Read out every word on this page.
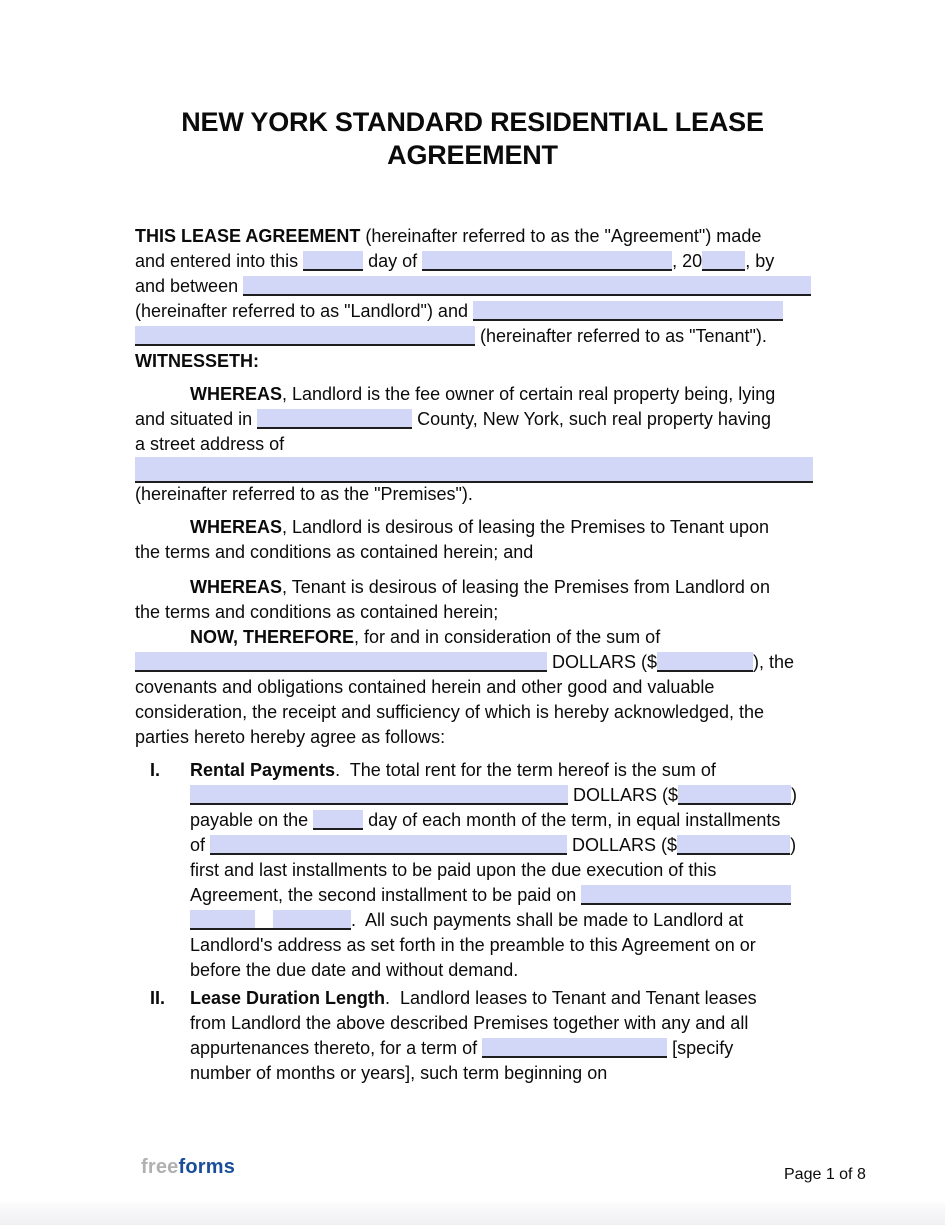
NEW YORK STANDARD RESIDENTIAL LEASE
AGREEMENT
THIS LEASE AGREEMENT (hereinafter referred to as the "Agreement") made
and entered into this	day of	, 20 , by
and between
(hereinafter referred to as "Landlord") and
(hereinafter referred to as "Tenant").
WITNESSETH:
WHEREAS, Landlord is the fee owner of certain real property being, lying
and situated in	County, New York, such real property having
a street address of
(hereinafter referred to as the "Premises").
WHEREAS, Landlord is desirous of leasing the Premises to Tenant upon
the terms and conditions as contained herein; and
WHEREAS, Tenant is desirous of leasing the Premises from Landlord on
the terms and conditions as contained herein;
NOW, THEREFORE, for and in consideration of the sum of
DOLLARS ($	), the
covenants and obligations contained herein and other good and valuable
consideration, the receipt and sufficiency of which is hereby acknowledged, the
parties hereto hereby agree as follows:
I. Rental Payments.  The total rent for the term hereof is the sum of
DOLLARS ($	)
payable on the	day of each month of the term, in equal installments
of	DOLLARS ($	)
first and last installments to be paid upon the due execution of this
Agreement, the second installment to be paid on
.  All such payments shall be made to Landlord at
Landlord's address as set forth in the preamble to this Agreement on or
before the due date and without demand.
II. Lease Duration Length.  Landlord leases to Tenant and Tenant leases
from Landlord the above described Premises together with any and all
appurtenances thereto, for a term of	[specify
number of months or years], such term beginning on
freeforms	Page 1 of 8
